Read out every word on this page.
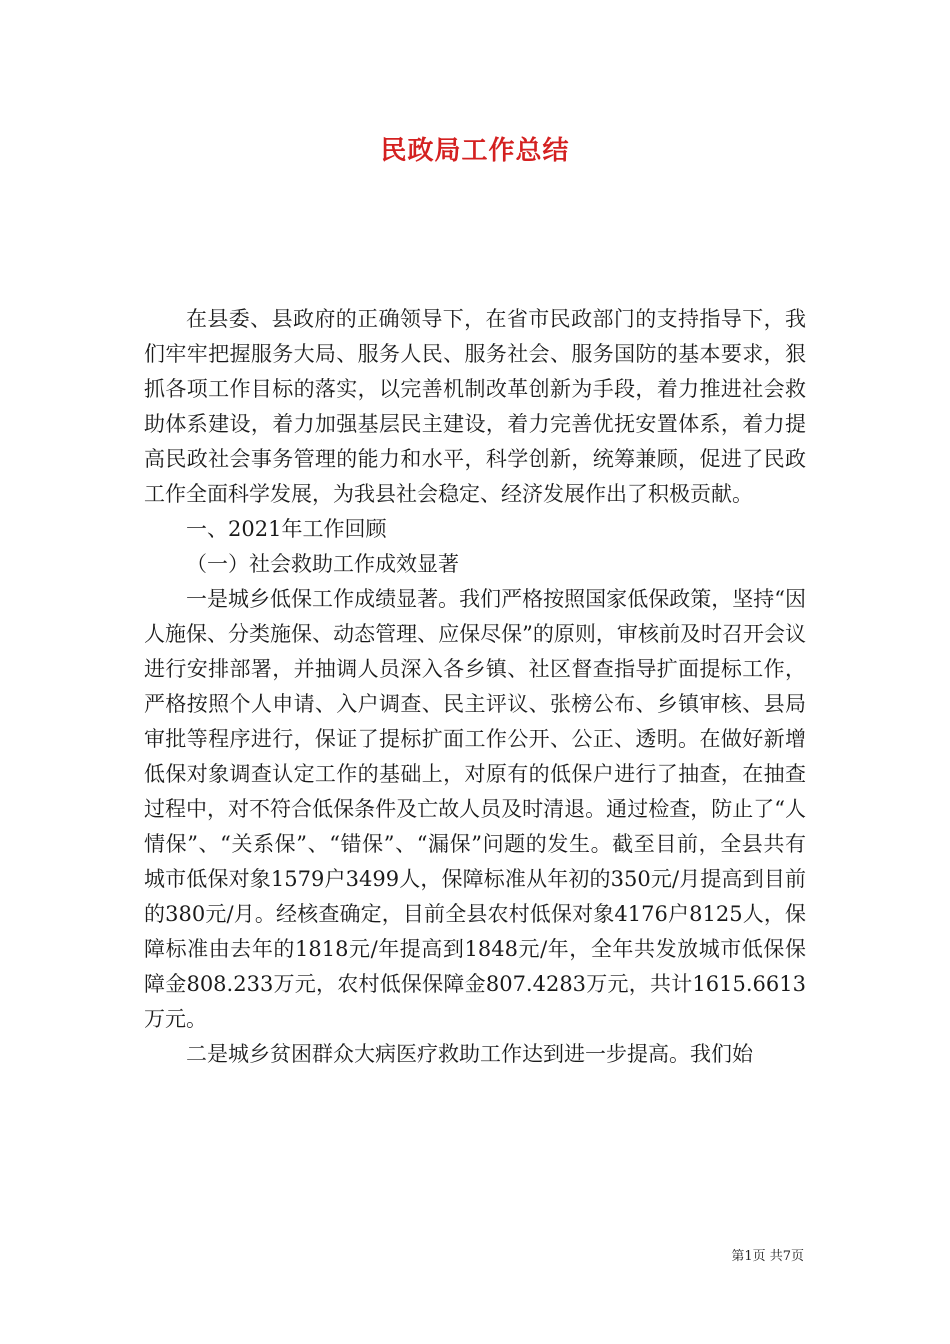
民政局工作总结

在县委、县政府的正确领导下，在省市民政部门的支持指导下，我们牢牢把握服务大局、服务人民、服务社会、服务国防的基本要求，狠抓各项工作目标的落实，以完善机制改革创新为手段，着力推进社会救助体系建设，着力加强基层民主建设，着力完善优抚安置体系，着力提高民政社会事务管理的能力和水平，科学创新，统筹兼顾，促进了民政工作全面科学发展，为我县社会稳定、经济发展作出了积极贡献。

一、2021年工作回顾

（一）社会救助工作成效显著

一是城乡低保工作成绩显著。我们严格按照国家低保政策，坚持“因人施保、分类施保、动态管理、应保尽保”的原则，审核前及时召开会议进行安排部署，并抽调人员深入各乡镇、社区督查指导扩面提标工作，严格按照个人申请、入户调查、民主评议、张榜公布、乡镇审核、县局审批等程序进行，保证了提标扩面工作公开、公正、透明。在做好新增低保对象调查认定工作的基础上，对原有的低保户进行了抽查，在抽查过程中，对不符合低保条件及亡故人员及时清退。通过检查，防止了“人情保”、“关系保”、“错保”、“漏保”问题的发生。截至目前，全县共有城市低保对象1579户3499人，保障标准从年初的350元/月提高到目前的380元/月。经核查确定，目前全县农村低保对象4176户8125人，保障标准由去年的1818元/年提高到1848元/年，全年共发放城市低保保障金808.233万元，农村低保保障金807.4283万元，共计1615.6613万元。

二是城乡贫困群众大病医疗救助工作达到进一步提高。我们始

第1页 共7页
